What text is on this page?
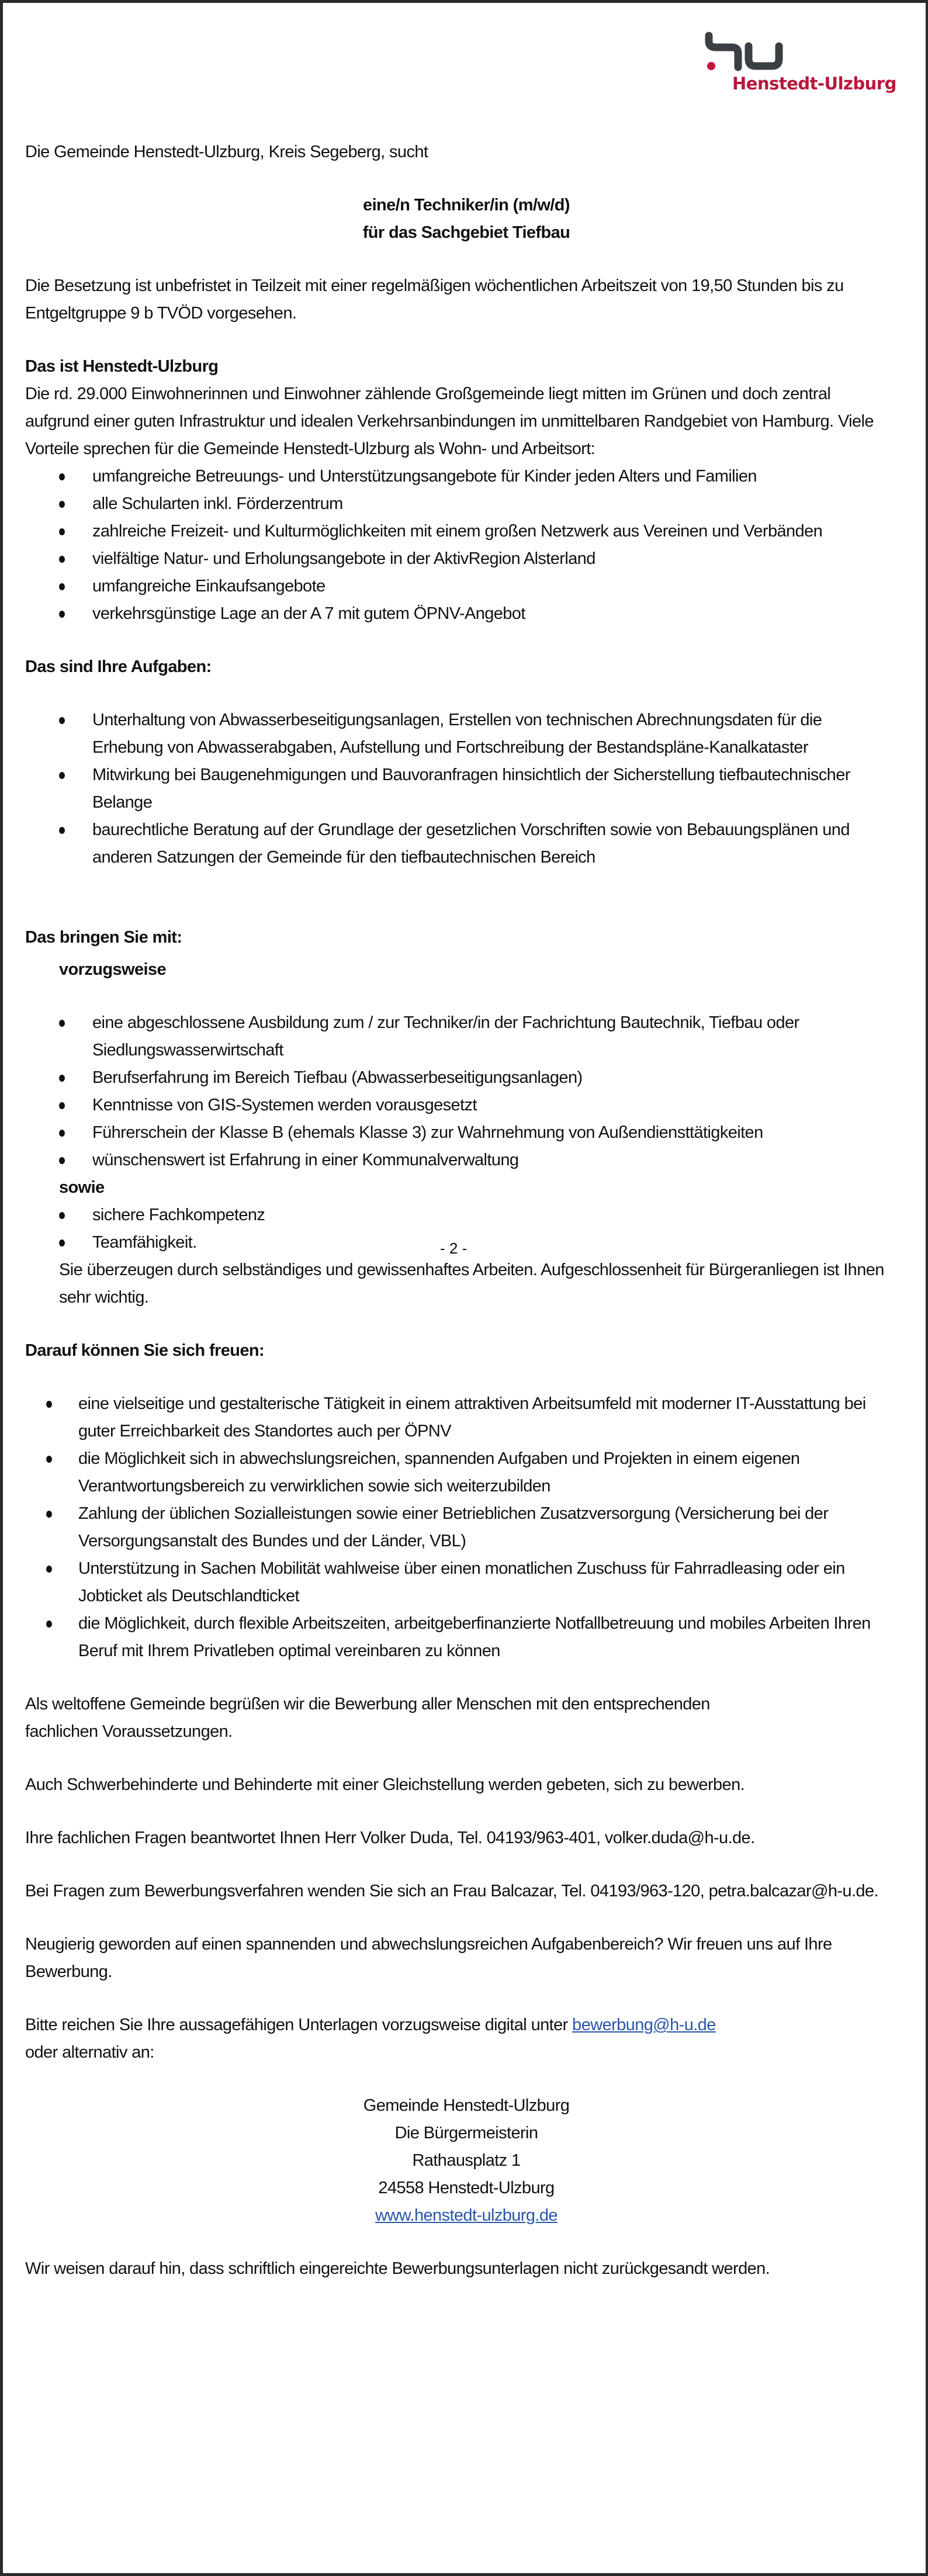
Henstedt-Ulzburg

Die Gemeinde Henstedt-Ulzburg, Kreis Segeberg, sucht

eine/n Techniker/in (m/w/d)

für das Sachgebiet Tiefbau

Die Besetzung ist unbefristet in Teilzeit mit einer regelmäßigen wöchentlichen Arbeitszeit von 19,50 Stunden bis zu Entgeltgruppe 9 b TVÖD vorgesehen.

Das ist Henstedt-Ulzburg

Die rd. 29.000 Einwohnerinnen und Einwohner zählende Großgemeinde liegt mitten im Grünen und doch zentral aufgrund einer guten Infrastruktur und idealen Verkehrsanbindungen im unmittelbaren Randgebiet von Hamburg. Viele Vorteile sprechen für die Gemeinde Henstedt-Ulzburg als Wohn- und Arbeitsort:

umfangreiche Betreuungs- und Unterstützungsangebote für Kinder jeden Alters und Familien
alle Schularten inkl. Förderzentrum
zahlreiche Freizeit- und Kulturmöglichkeiten mit einem großen Netzwerk aus Vereinen und Verbänden
vielfältige Natur- und Erholungsangebote in der AktivRegion Alsterland
umfangreiche Einkaufsangebote
verkehrsgünstige Lage an der A 7 mit gutem ÖPNV-Angebot

Das sind Ihre Aufgaben:

Unterhaltung von Abwasserbeseitigungsanlagen, Erstellen von technischen Abrechnungsdaten für die Erhebung von Abwasserabgaben, Aufstellung und Fortschreibung der Bestandspläne-Kanalkataster
Mitwirkung bei Baugenehmigungen und Bauvoranfragen hinsichtlich der Sicherstellung tiefbautechnischer Belange
baurechtliche Beratung auf der Grundlage der gesetzlichen Vorschriften sowie von Bebauungsplänen und anderen Satzungen der Gemeinde für den tiefbautechnischen Bereich

Das bringen Sie mit:

vorzugsweise

eine abgeschlossene Ausbildung zum / zur Techniker/in der Fachrichtung Bautechnik, Tiefbau oder Siedlungswasserwirtschaft
Berufserfahrung im Bereich Tiefbau (Abwasserbeseitigungsanlagen)
Kenntnisse von GIS-Systemen werden vorausgesetzt
Führerschein der Klasse B (ehemals Klasse 3) zur Wahrnehmung von Außendiensttätigkeiten
wünschenswert ist Erfahrung in einer Kommunalverwaltung

sowie

sichere Fachkompetenz
Teamfähigkeit.

Sie überzeugen durch selbständiges und gewissenhaftes Arbeiten. Aufgeschlossenheit für Bürgeranliegen ist Ihnen sehr wichtig.

Darauf können Sie sich freuen:

eine vielseitige und gestalterische Tätigkeit in einem attraktiven Arbeitsumfeld mit moderner IT-Ausstattung bei guter Erreichbarkeit des Standortes auch per ÖPNV
die Möglichkeit sich in abwechslungsreichen, spannenden Aufgaben und Projekten in einem eigenen Verantwortungsbereich zu verwirklichen sowie sich weiterzubilden
Zahlung der üblichen Sozialleistungen sowie einer Betrieblichen Zusatzversorgung (Versicherung bei der Versorgungsanstalt des Bundes und der Länder, VBL)
Unterstützung in Sachen Mobilität wahlweise über einen monatlichen Zuschuss für Fahrradleasing oder ein Jobticket als Deutschlandticket
die Möglichkeit, durch flexible Arbeitszeiten, arbeitgeberfinanzierte Notfallbetreuung und mobiles Arbeiten Ihren Beruf mit Ihrem Privatleben optimal vereinbaren zu können

Als weltoffene Gemeinde begrüßen wir die Bewerbung aller Menschen mit den entsprechenden fachlichen Voraussetzungen.

Auch Schwerbehinderte und Behinderte mit einer Gleichstellung werden gebeten, sich zu bewerben.

Ihre fachlichen Fragen beantwortet Ihnen Herr Volker Duda, Tel. 04193/963-401, volker.duda@h-u.de.

Bei Fragen zum Bewerbungsverfahren wenden Sie sich an Frau Balcazar, Tel. 04193/963-120, petra.balcazar@h-u.de.

Neugierig geworden auf einen spannenden und abwechslungsreichen Aufgabenbereich? Wir freuen uns auf Ihre Bewerbung.

Bitte reichen Sie Ihre aussagefähigen Unterlagen vorzugsweise digital unter bewerbung@h-u.de oder alternativ an:

Gemeinde Henstedt-Ulzburg

Die Bürgermeisterin

Rathausplatz 1

24558 Henstedt-Ulzburg

www.henstedt-ulzburg.de

Wir weisen darauf hin, dass schriftlich eingereichte Bewerbungsunterlagen nicht zurückgesandt werden.

- 2 -
